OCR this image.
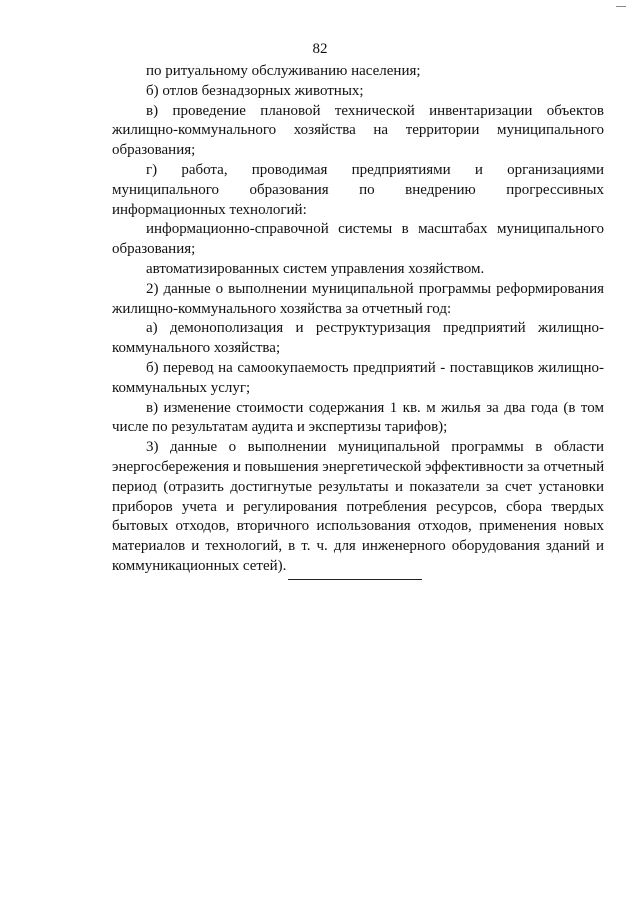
82
по ритуальному обслуживанию населения;
б) отлов безнадзорных животных;
в) проведение плановой технической инвентаризации объектов
жилищно-коммунального хозяйства на территории муниципального
образования;
г) работа, проводимая предприятиями и организациями
муниципального образования по внедрению прогрессивных
информационных технологий:
информационно-справочной системы в масштабах муниципального
образования;
автоматизированных систем управления хозяйством.
2) данные о выполнении муниципальной программы реформирования
жилищно-коммунального хозяйства за отчетный год:
а) демонополизация и реструктуризация предприятий жилищно-
коммунального хозяйства;
б) перевод на самоокупаемость предприятий - поставщиков жилищно-
коммунальных услуг;
в) изменение стоимости содержания 1 кв. м жилья за два года (в том
числе по результатам аудита и экспертизы тарифов);
3) данные о выполнении муниципальной программы в области
энергосбережения и повышения энергетической эффективности за отчетный
период (отразить достигнутые результаты и показатели за счет установки
приборов учета и регулирования потребления ресурсов, сбора твердых
бытовых отходов, вторичного использования отходов, применения новых
материалов и технологий, в т. ч. для инженерного оборудования зданий и
коммуникационных сетей).
